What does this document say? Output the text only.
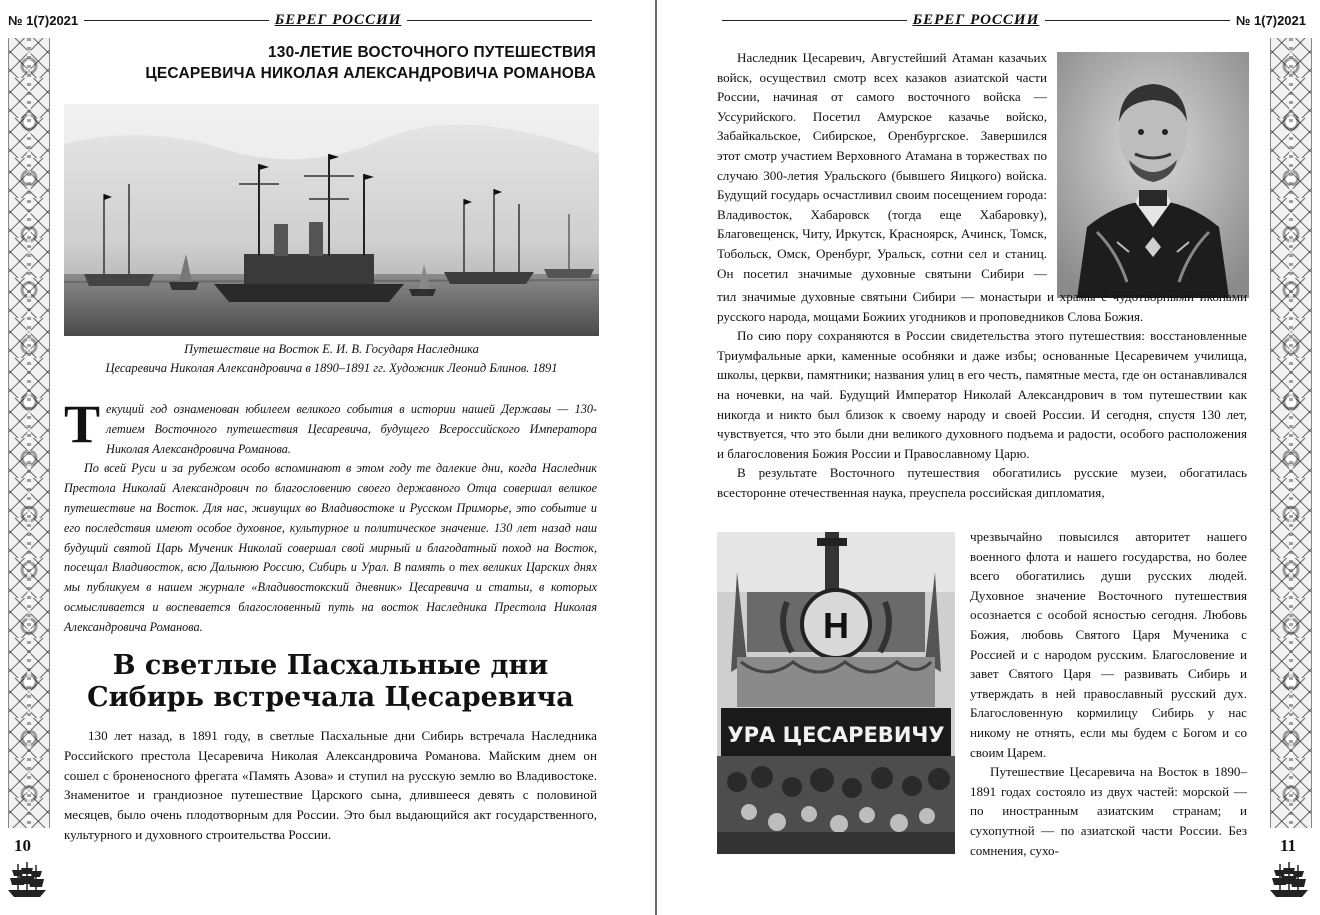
№ 1(7)2021	БЕРЕГ РОССИИ
10
130-ЛЕТИЕ ВОСТОЧНОГО ПУТЕШЕСТВИЯ
ЦЕСАРЕВИЧА НИКОЛАЯ АЛЕКСАНДРОВИЧА РОМАНОВА
Путешествие на Восток Е. И. В. Государя Наследника
Цесаревича Николая Александровича в 1890–1891 гг. Художник Леонид Блинов. 1891

Текущий год ознаменован юбилеем великого события в истории нашей Державы — 130-летием Восточного путешествия Цесаревича, будущего Всероссийского Императора Николая Александровича Романова.

По всей Руси и за рубежом особо вспоминают в этом году те далекие дни, когда Наследник Престола Николай Александрович по благословению своего державного Отца совершал великое путешествие на Восток. Для нас, живущих во Владивостоке и Русском Приморье, это событие и его последствия имеют особое духовное, культурное и политическое значение. 130 лет назад наш будущий святой Царь Мученик Николай совершал свой мирный и благодатный поход на Восток, посещал Владивосток, всю Дальнюю Россию, Сибирь и Урал. В память о тех великих Царских днях мы публикуем в нашем журнале «Владивостокский дневник» Цесаревича и статьи, в которых осмысливается и воспевается благословенный путь на восток Наследника Престола Николая Александровича Романова.

В светлые Пасхальные дни
Сибирь встречала Цесаревича

130 лет назад, в 1891 году, в светлые Пасхальные дни Сибирь встречала Наследника Российского престола Цесаревича Николая Александровича Романова. Майским днем он сошел с броненосного фрегата «Память Азова» и ступил на русскую землю во Владивостоке. Знаменитое и грандиозное путешествие Царского сына, длившееся девять с половиной месяцев, было очень плодотворным для России. Это был выдающийся акт государственного, культурного и духовного строительства России.

БЕРЕГ РОССИИ	№ 1(7)2021
11

Наследник Цесаревич, Августейший Атаман казачьих войск, осуществил смотр всех казаков азиатской части России, начиная от самого восточного войска — Уссурийского. Посетил Амурское казачье войско, Забайкальское, Сибирское, Оренбургское. Завершился этот смотр участием Верховного Атамана в торжествах по случаю 300-летия Уральского (бывшего Яицкого) войска. Будущий государь осчастливил своим посещением города: Владивосток, Хабаровск (тогда еще Хабаровку), Благовещенск, Читу, Иркутск, Красноярск, Ачинск, Томск, Тобольск, Омск, Оренбург, Уральск, сотни сел и станиц. Он посетил значимые духовные святыни Сибири —

тил значимые духовные святыни Сибири — монастыри и храмы с чудотворными иконами русского народа, мощами Божиих угодников и проповедников Слова Божия.

По сию пору сохраняются в России свидетельства этого путешествия: восстановленные Триумфальные арки, каменные особняки и даже избы; основанные Цесаревичем училища, школы, церкви, памятники; названия улиц в его честь, памятные места, где он останавливался на ночевки, на чай. Будущий Император Николай Александрович в том путешествии как никогда и никто был близок к своему народу и своей России. И сегодня, спустя 130 лет, чувствуется, что это были дни великого духовного подъема и радости, особого расположения и благословения Божия России и Православному Царю.

В результате Восточного путешествия обогатились русские музеи, обогатилась всесторонне отечественная наука, преуспела российская дипломатия,

Н
УРА ЦЕСАРЕВИЧУ

чрезвычайно повысился авторитет нашего военного флота и нашего государства, но более всего обогатились души русских людей. Духовное значение Восточного путешествия осознается с особой ясностью сегодня. Любовь Божия, любовь Святого Царя Мученика с Россией и с народом русским. Благословение и завет Святого Царя — развивать Сибирь и утверждать в ней православный русский дух. Благословенную кормилицу Сибирь у нас никому не отнять, если мы будем с Богом и со своим Царем.

Путешествие Цесаревича на Восток в 1890–1891 годах состояло из двух частей: морской — по иностранным азиатским странам; и сухопутной — по азиатской части России. Без сомнения, сухо-
